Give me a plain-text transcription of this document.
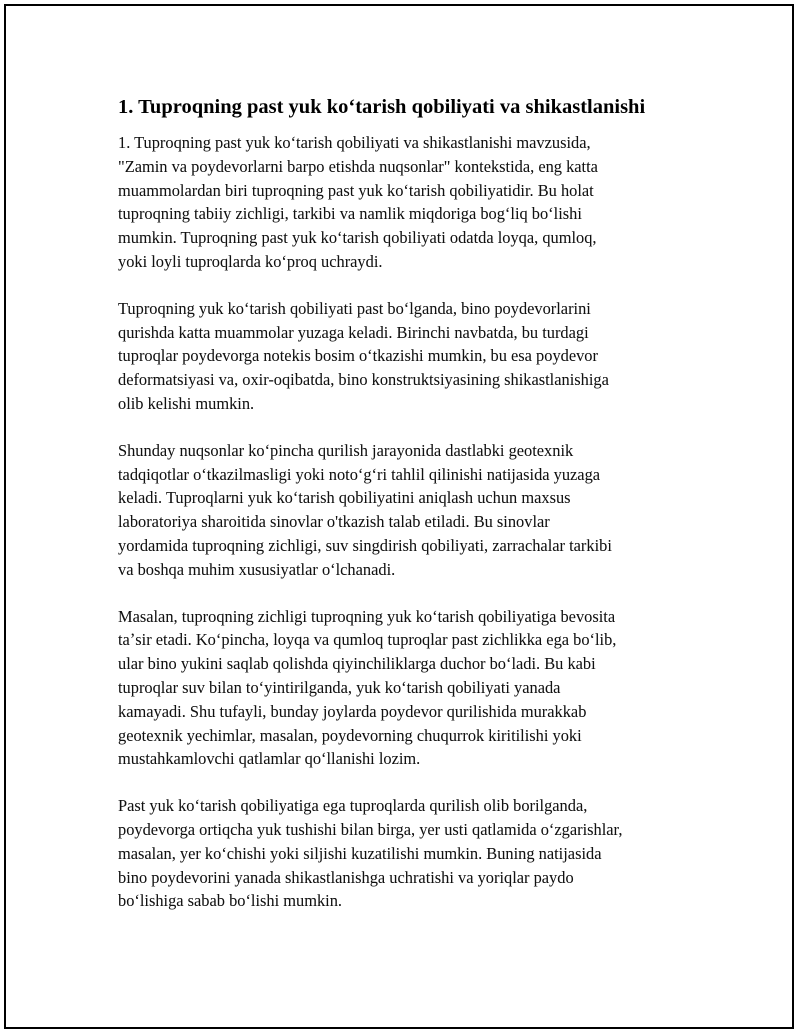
1. Tuproqning past yuk koʻtarish qobiliyati va shikastlanishi
1. Tuproqning past yuk koʻtarish qobiliyati va shikastlanishi mavzusida,
"Zamin va poydevorlarni barpo etishda nuqsonlar" kontekstida, eng katta
muammolardan biri tuproqning past yuk koʻtarish qobiliyatidir. Bu holat
tuproqning tabiiy zichligi, tarkibi va namlik miqdoriga bogʻliq boʻlishi
mumkin. Tuproqning past yuk koʻtarish qobiliyati odatda loyqa, qumloq,
yoki loyli tuproqlarda koʻproq uchraydi.
Tuproqning yuk koʻtarish qobiliyati past boʻlganda, bino poydevorlarini
qurishda katta muammolar yuzaga keladi. Birinchi navbatda, bu turdagi
tuproqlar poydevorga notekis bosim oʻtkazishi mumkin, bu esa poydevor
deformatsiyasi va, oxir-oqibatda, bino konstruktsiyasining shikastlanishiga
olib kelishi mumkin.
Shunday nuqsonlar koʻpincha qurilish jarayonida dastlabki geotexnik
tadqiqotlar oʻtkazilmasligi yoki notoʻgʻri tahlil qilinishi natijasida yuzaga
keladi. Tuproqlarni yuk koʻtarish qobiliyatini aniqlash uchun maxsus
laboratoriya sharoitida sinovlar o'tkazish talab etiladi. Bu sinovlar
yordamida tuproqning zichligi, suv singdirish qobiliyati, zarrachalar tarkibi
va boshqa muhim xususiyatlar oʻlchanadi.
Masalan, tuproqning zichligi tuproqning yuk koʻtarish qobiliyatiga bevosita
taʼsir etadi. Koʻpincha, loyqa va qumloq tuproqlar past zichlikka ega boʻlib,
ular bino yukini saqlab qolishda qiyinchiliklarga duchor boʻladi. Bu kabi
tuproqlar suv bilan toʻyintirilganda, yuk koʻtarish qobiliyati yanada
kamayadi. Shu tufayli, bunday joylarda poydevor qurilishida murakkab
geotexnik yechimlar, masalan, poydevorning chuqurrok kiritilishi yoki
mustahkamlovchi qatlamlar qoʻllanishi lozim.
Past yuk koʻtarish qobiliyatiga ega tuproqlarda qurilish olib borilganda,
poydevorga ortiqcha yuk tushishi bilan birga, yer usti qatlamida oʻzgarishlar,
masalan, yer koʻchishi yoki siljishi kuzatilishi mumkin. Buning natijasida
bino poydevorini yanada shikastlanishga uchratishi va yoriqlar paydo
boʻlishiga sabab boʻlishi mumkin.
